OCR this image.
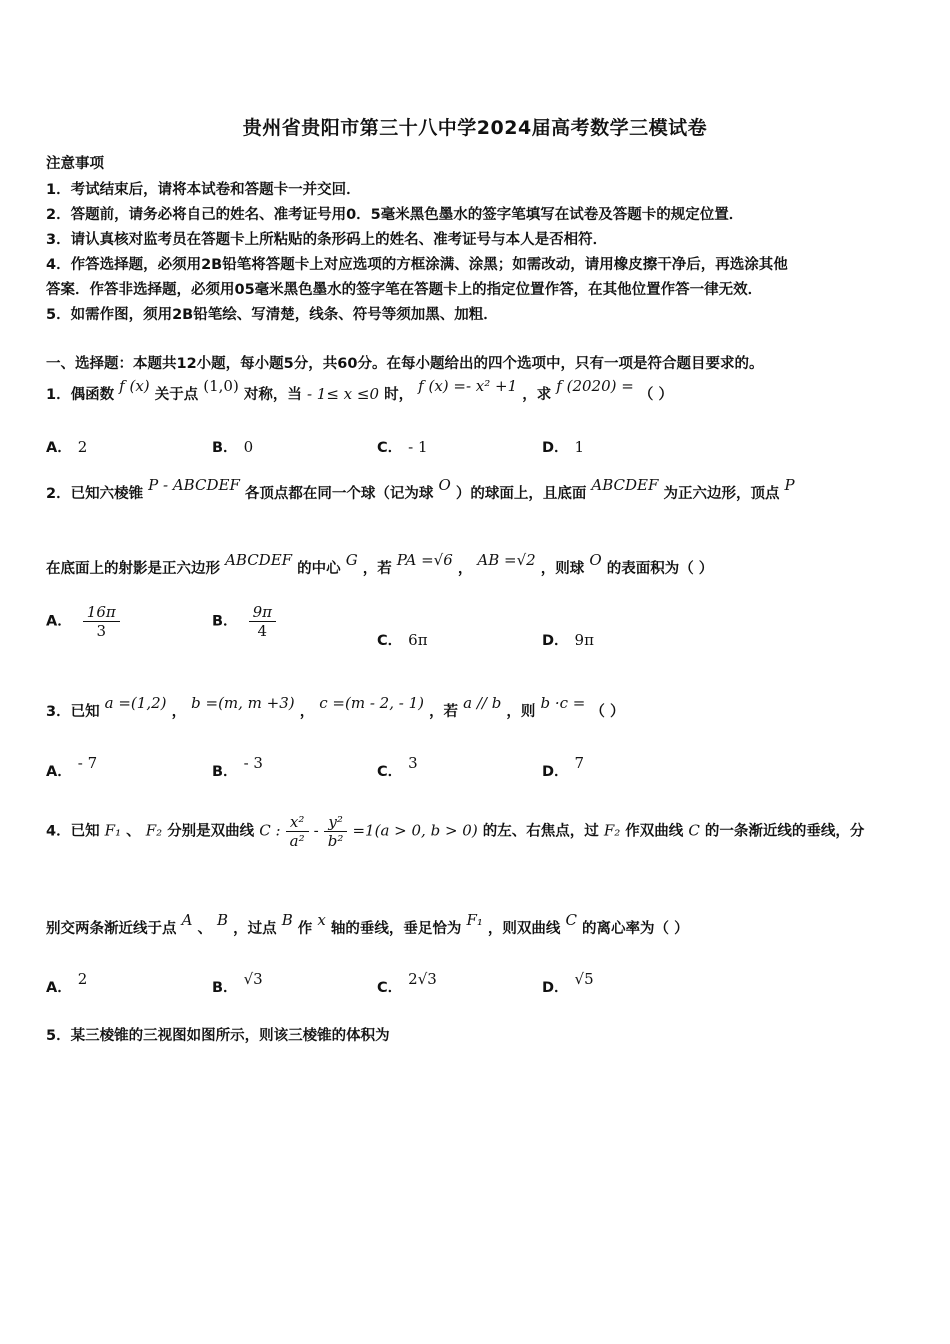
贵州省贵阳市第三十八中学2024届高考数学三模试卷
注意事项
1．考试结束后，请将本试卷和答题卡一并交回．
2．答题前，请务必将自己的姓名、准考证号用0．5毫米黑色墨水的签字笔填写在试卷及答题卡的规定位置．
3．请认真核对监考员在答题卡上所粘贴的条形码上的姓名、准考证号与本人是否相符．
4．作答选择题，必须用2B铅笔将答题卡上对应选项的方框涂满、涂黑；如需改动，请用橡皮擦干净后，再选涂其他
答案．作答非选择题，必须用05毫米黑色墨水的签字笔在答题卡上的指定位置作答，在其他位置作答一律无效．
5．如需作图，须用2B铅笔绘、写清楚，线条、符号等须加黑、加粗．
一、选择题：本题共12小题，每小题5分，共60分。在每小题给出的四个选项中，只有一项是符合题目要求的。
1．偶函数 f (x) 关于点 (1,0) 对称，当 - 1≤ x ≤0 时， f (x) =- x² +1 ，求 f (2020) = （ ）
A． 2	B． 0	C． - 1	D． 1
2．已知六棱锥 P - ABCDEF 各顶点都在同一个球（记为球 O ）的球面上，且底面 ABCDEF 为正六边形，顶点 P
在底面上的射影是正六边形 ABCDEF 的中心 G ，若 PA =√6 ， AB =√2 ，则球 O 的表面积为（ ）
A． $\frac{16\pi}{3}$	B． $\frac{9\pi}{4}$
C． 6π	D． 9π
3．已知 a =(1,2) ， b =(m, m +3) ， c =(m - 2, - 1) ，若 a // b ，则 b ·c = （ ）
A． - 7	B． - 3	C． 3	D． 7
4．已知 F₁ 、 F₂ 分别是双曲线 C : $\frac{\text{x²}}{\text{a²}} - \frac{\text{y²}}{\text{b²}} =1(a > 0$, b > 0) 的左、右焦点，过 F₂ 作双曲线 C 的一条渐近线的垂线，分
别交两条渐近线于点 A 、 B ，过点 B 作 x 轴的垂线，垂足恰为 F₁ ，则双曲线 C 的离心率为（ ）
A． 2	B． √3	C． 2√3	D． √5
5．某三棱锥的三视图如图所示，则该三棱锥的体积为
